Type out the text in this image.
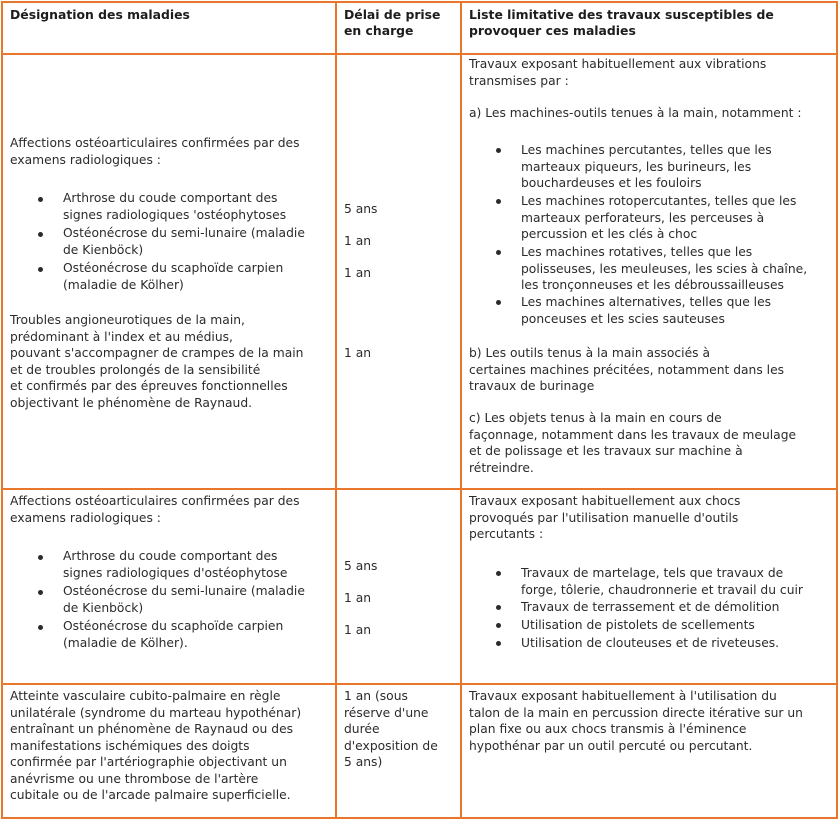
Désignation des maladies	Délai de prise
en charge
Liste limitative des travaux susceptibles de
provoquer ces maladies
Affections ostéoarticulaires confirmées par des
examens radiologiques :
Arthrose du coude comportant des
signes radiologiques 'ostéophytoses
Ostéonécrose du semi-lunaire (maladie
de Kienböck)
Ostéonécrose du scaphoïde carpien
(maladie de Kölher)
Troubles angioneurotiques de la main,
prédominant à l'index et au médius,
pouvant s'accompagner de crampes de la main
et de troubles prolongés de la sensibilité
et confirmés par des épreuves fonctionnelles
objectivant le phénomène de Raynaud.
5 ans
1 an
1 an
1 an
Travaux exposant habituellement aux vibrations
transmises par :
a) Les machines-outils tenues à la main, notamment :
Les machines percutantes, telles que les
marteaux piqueurs, les burineurs, les
bouchardeuses et les fouloirs
Les machines rotopercutantes, telles que les
marteaux perforateurs, les perceuses à
percussion et les clés à choc
Les machines rotatives, telles que les
polisseuses, les meuleuses, les scies à chaîne,
les tronçonneuses et les débroussailleuses
Les machines alternatives, telles que les
ponceuses et les scies sauteuses
b) Les outils tenus à la main associés à
certaines machines précitées, notamment dans les
travaux de burinage
c) Les objets tenus à la main en cours de
façonnage, notamment dans les travaux de meulage
et de polissage et les travaux sur machine à
rétreindre.
Affections ostéoarticulaires confirmées par des
examens radiologiques :
Arthrose du coude comportant des
signes radiologiques d'ostéophytose
Ostéonécrose du semi-lunaire (maladie
de Kienböck)
Ostéonécrose du scaphoïde carpien
(maladie de Kölher).
5 ans
1 an
1 an
Travaux exposant habituellement aux chocs
provoqués par l'utilisation manuelle d'outils
percutants :
Travaux de martelage, tels que travaux de
forge, tôlerie, chaudronnerie et travail du cuir
Travaux de terrassement et de démolition
Utilisation de pistolets de scellements
Utilisation de clouteuses et de riveteuses.
Atteinte vasculaire cubito-palmaire en règle
unilatérale (syndrome du marteau hypothénar)
entraînant un phénomène de Raynaud ou des
manifestations ischémiques des doigts
confirmée par l'artériographie objectivant un
anévrisme ou une thrombose de l'artère
cubitale ou de l'arcade palmaire superficielle.
1 an (sous
réserve d'une
durée
d'exposition de
5 ans)
Travaux exposant habituellement à l'utilisation du
talon de la main en percussion directe itérative sur un
plan fixe ou aux chocs transmis à l'éminence
hypothénar par un outil percuté ou percutant.
